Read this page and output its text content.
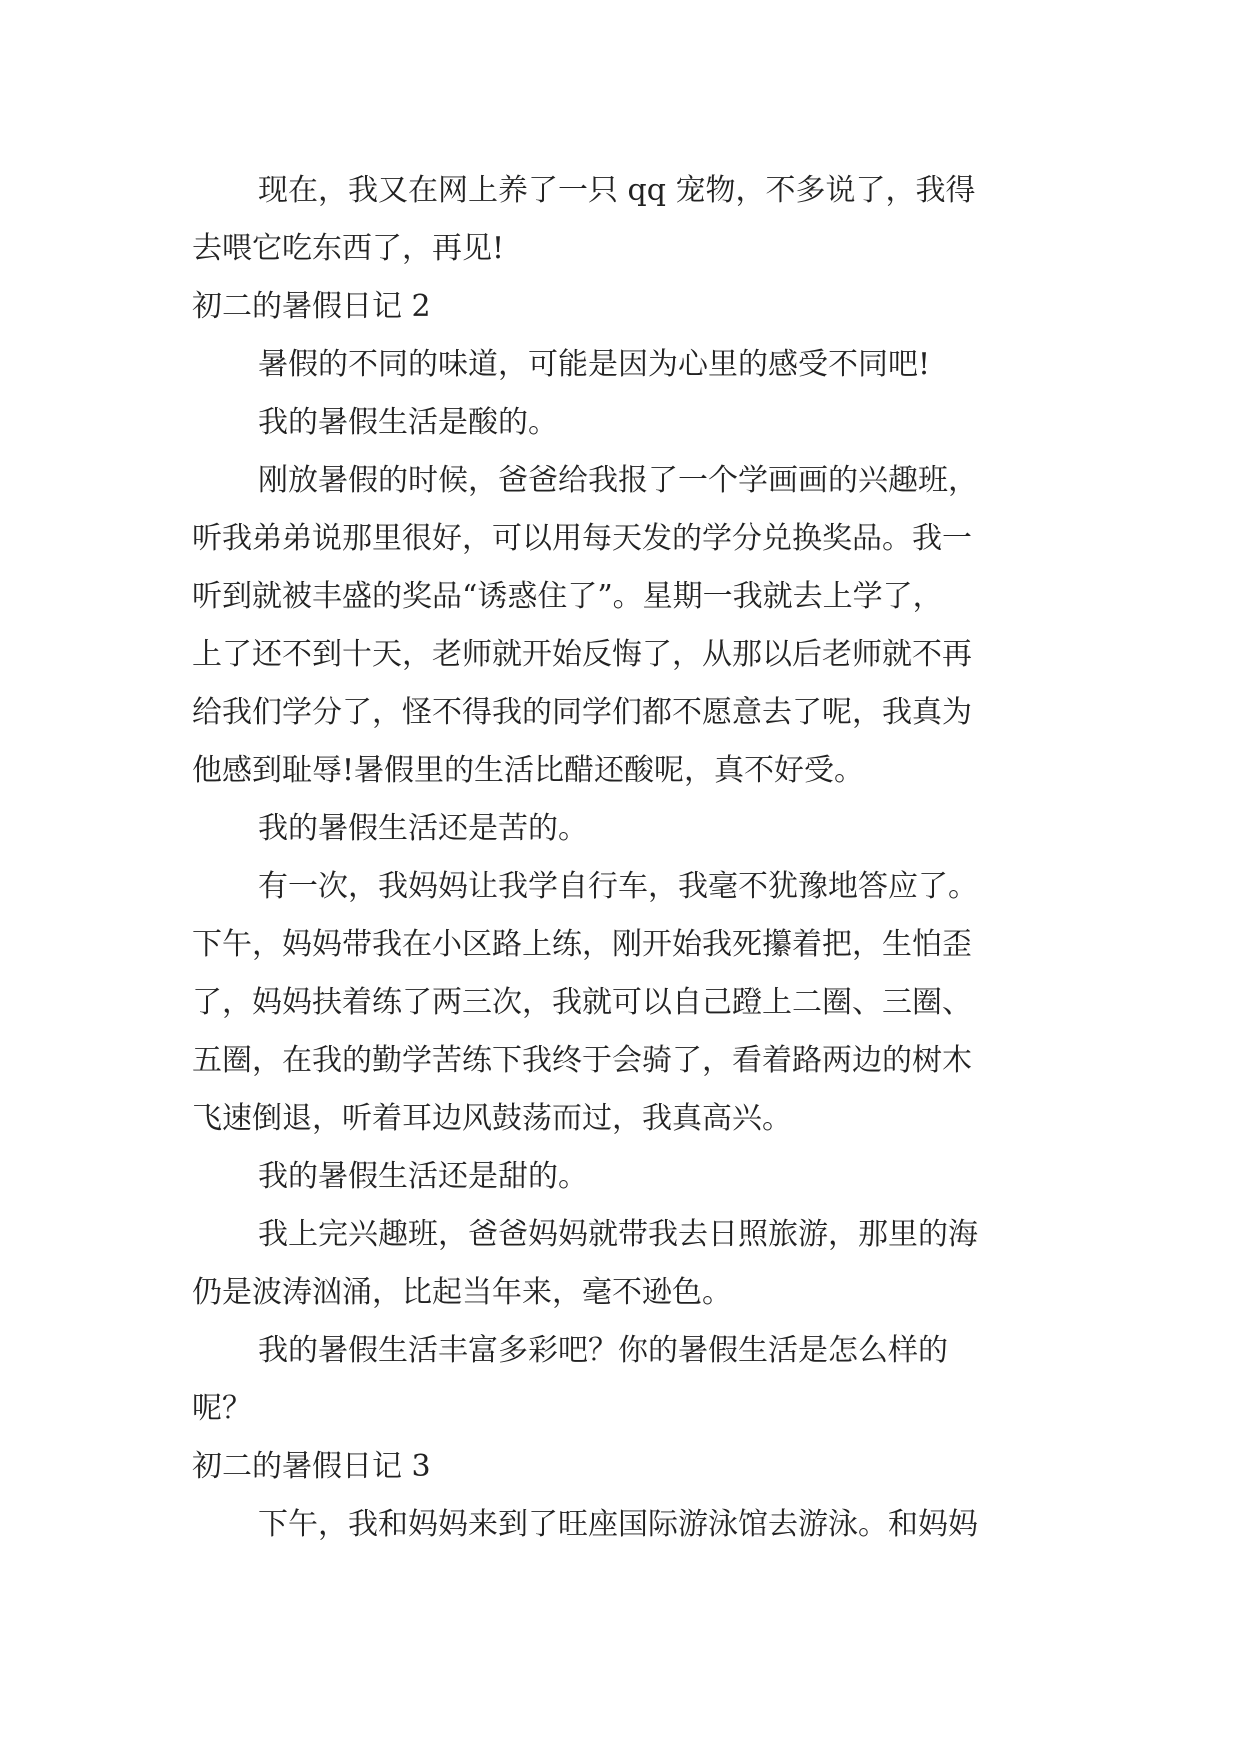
现在，我又在网上养了一只 qq 宠物，不多说了，我得
去喂它吃东西了，再见!
初二的暑假日记 2
暑假的不同的味道，可能是因为心里的感受不同吧!
我的暑假生活是酸的。
刚放暑假的时候，爸爸给我报了一个学画画的兴趣班，
听我弟弟说那里很好，可以用每天发的学分兑换奖品。我一
听到就被丰盛的奖品“诱惑住了”。星期一我就去上学了，
上了还不到十天，老师就开始反悔了，从那以后老师就不再
给我们学分了，怪不得我的同学们都不愿意去了呢，我真为
他感到耻辱!暑假里的生活比醋还酸呢，真不好受。
我的暑假生活还是苦的。
有一次，我妈妈让我学自行车，我毫不犹豫地答应了。
下午，妈妈带我在小区路上练，刚开始我死攥着把，生怕歪
了，妈妈扶着练了两三次，我就可以自己蹬上二圈、三圈、
五圈，在我的勤学苦练下我终于会骑了，看着路两边的树木
飞速倒退，听着耳边风鼓荡而过，我真高兴。
我的暑假生活还是甜的。
我上完兴趣班，爸爸妈妈就带我去日照旅游，那里的海
仍是波涛汹涌，比起当年来，毫不逊色。
我的暑假生活丰富多彩吧？你的暑假生活是怎么样的
呢？
初二的暑假日记 3
下午，我和妈妈来到了旺座国际游泳馆去游泳。和妈妈
